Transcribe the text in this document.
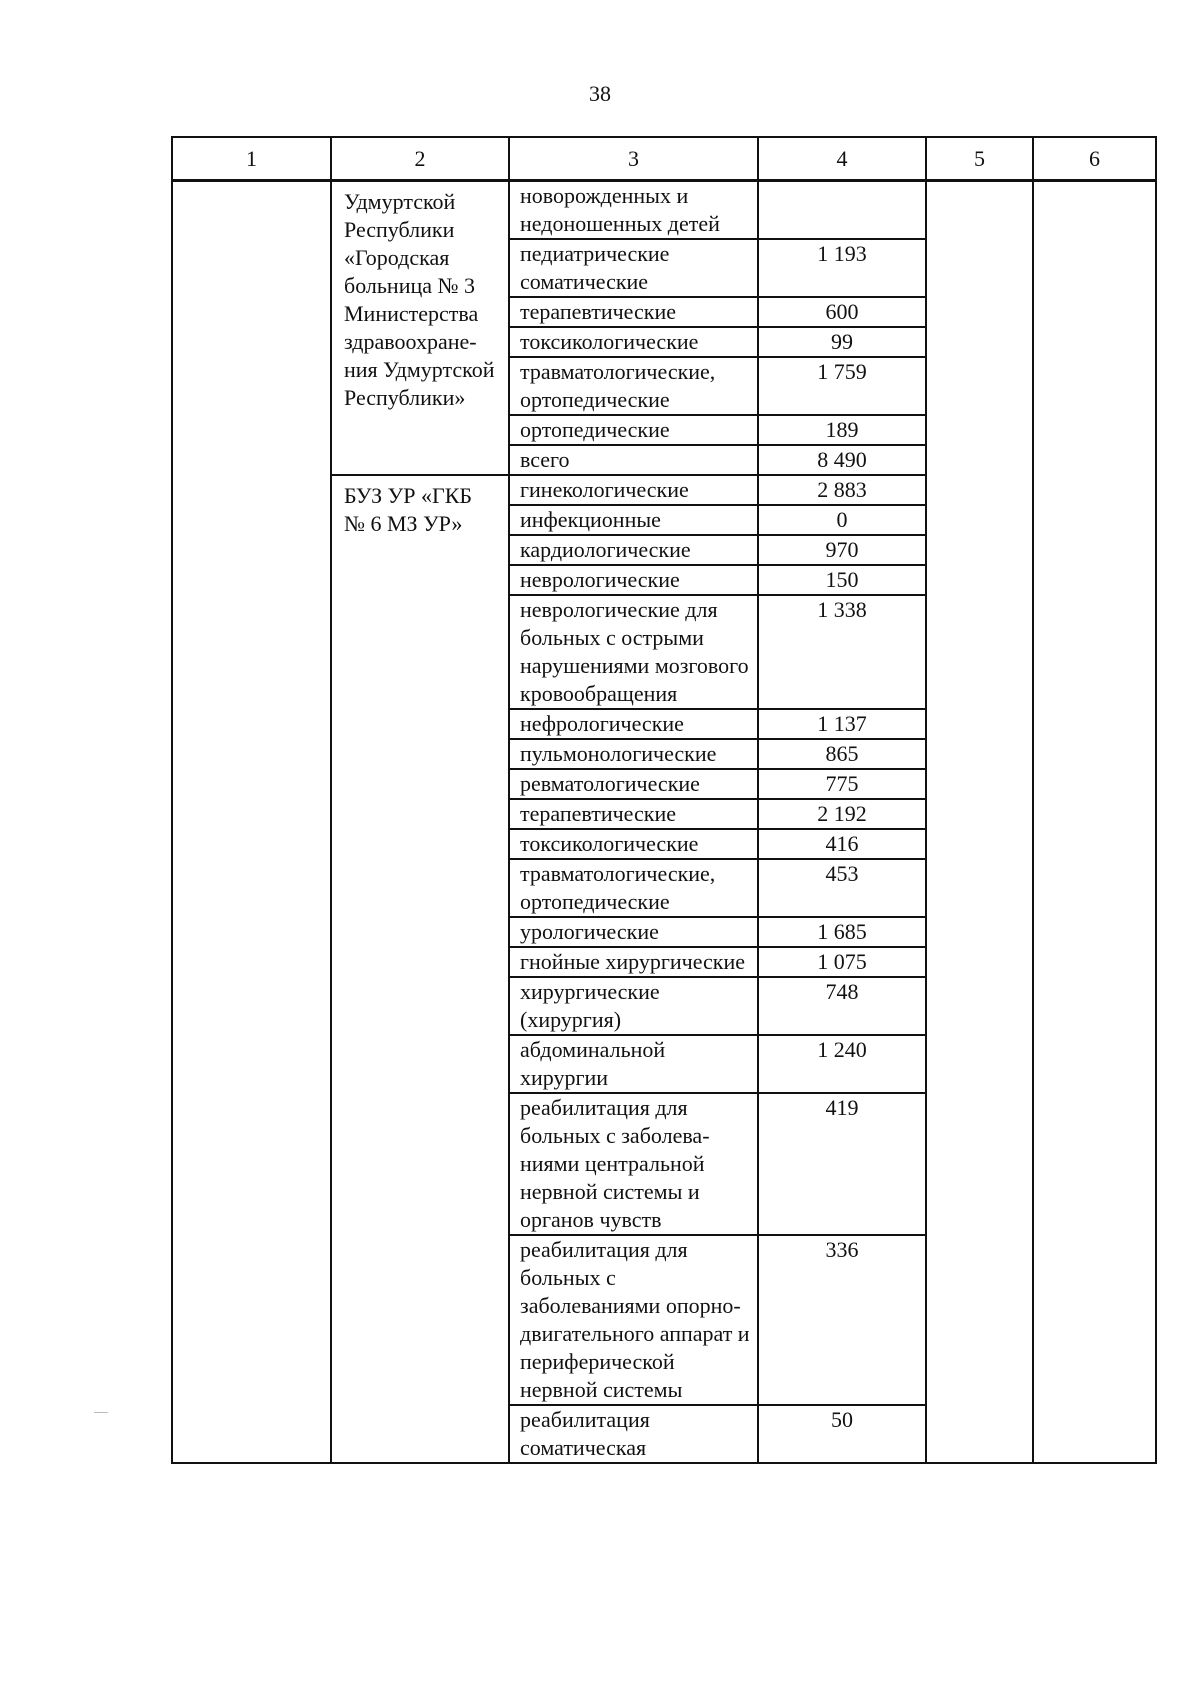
38
1	2	3	4	5	6
	Удмуртской Республики «Городская больница № 3 Министерства здравоохране-ния Удмуртской Республики»	новорожденных и недоношенных детей			
		педиатрические соматические	1 193		
		терапевтические	600		
		токсикологические	99		
		травматологические, ортопедические	1 759		
		ортопедические	189		
		всего	8 490		
	БУЗ УР «ГКБ № 6 МЗ УР»	гинекологические	2 883		
		инфекционные	0		
		кардиологические	970		
		неврологические	150		
		неврологические для больных с острыми нарушениями мозгового кровообращения	1 338		
		нефрологические	1 137		
		пульмонологические	865		
		ревматологические	775		
		терапевтические	2 192		
		токсикологические	416		
		травматологические, ортопедические	453		
		урологические	1 685		
		гнойные хирургические	1 075		
		хирургические (хирургия)	748		
		абдоминальной хирургии	1 240		
		реабилитация для больных с заболева-ниями центральной нервной системы и органов чувств	419		
		реабилитация для больных с заболеваниями опорно-двигательного аппарат и периферической нервной системы	336		
		реабилитация соматическая	50		
